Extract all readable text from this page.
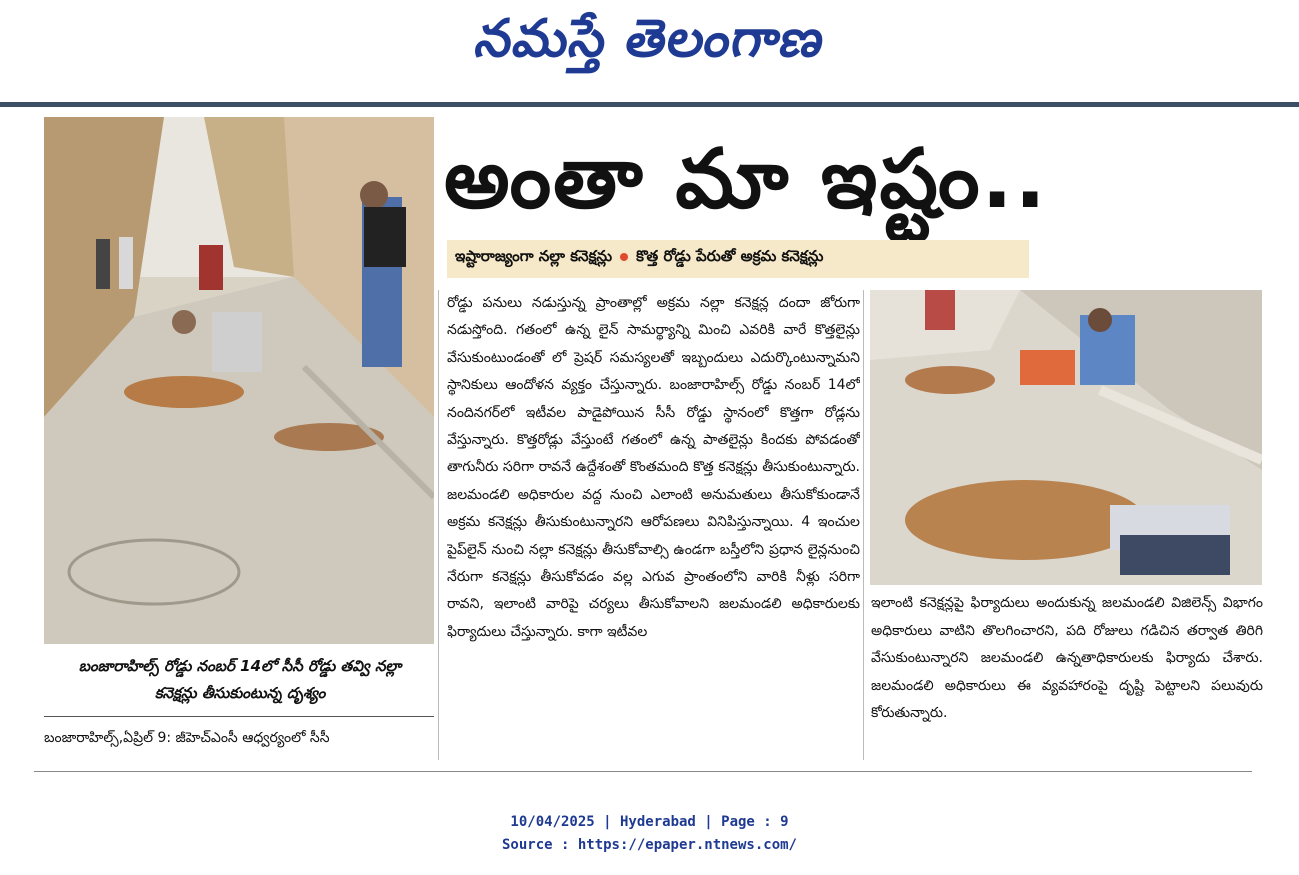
నమస్తే తెలంగాణ
బంజారాహిల్స్ రోడ్డు నంబర్ 14లో సీసీ రోడ్డు తవ్వి నల్లా కనెక్షన్లు తీసుకుంటున్న దృశ్యం
బంజారాహిల్స్,ఏప్రిల్ 9: జీహెచ్ఎంసీ ఆధ్వర్యంలో సీసీ
అంతా మా ఇష్టం..
ఇష్టారాజ్యంగా నల్లా కనెక్షన్లు కొత్త రోడ్డు పేరుతో అక్రమ కనెక్షన్లు
రోడ్డు పనులు నడుస్తున్న ప్రాంతాల్లో అక్రమ నల్లా కనెక్షన్ల దందా జోరుగా నడుస్తోంది. గతంలో ఉన్న లైన్ సామర్థ్యాన్ని మించి ఎవరికి వారే కొత్తలైన్లు వేసుకుంటుండంతో లో ప్రెషర్ సమస్యలతో ఇబ్బందులు ఎదుర్కొంటున్నామని స్థానికులు ఆందోళన వ్యక్తం చేస్తున్నారు. బంజారాహిల్స్ రోడ్డు నంబర్ 14లో నందినగర్‌లో ఇటీవల పాడైపోయిన సీసీ రోడ్డు స్థానంలో కొత్తగా రోడ్లను వేస్తున్నారు. కొత్తరోడ్లు వేస్తుంటే గతంలో ఉన్న పాతలైన్లు కిందకు పోవడంతో తాగునీరు సరిగా రావనే ఉద్దేశంతో కొంతమంది కొత్త కనెక్షన్లు తీసుకుంటున్నారు. జలమండలి అధికారుల వద్ద నుంచి ఎలాంటి అనుమతులు తీసుకోకుండానే అక్రమ కనెక్షన్లు తీసుకుంటున్నారని ఆరోపణలు వినిపిస్తున్నాయి. 4 ఇంచుల పైప్‌లైన్ నుంచి నల్లా కనెక్షన్లు తీసుకోవాల్సి ఉండగా బస్తీలోని ప్రధాన లైన్లనుంచి నేరుగా కనెక్షన్లు తీసుకోవడం వల్ల ఎగువ ప్రాంతంలోని వారికి నీళ్లు సరిగా రావని, ఇలాంటి వారిపై చర్యలు తీసుకోవాలని జలమండలి అధికారులకు ఫిర్యాదులు చేస్తున్నారు. కాగా ఇటీవల
ఇలాంటి కనెక్షన్లపై ఫిర్యాదులు అందుకున్న జలమండలి విజిలెన్స్ విభాగం అధికారులు వాటిని తొలగించారని, పది రోజులు గడిచిన తర్వాత తిరిగి వేసుకుంటున్నారని జలమండలి ఉన్నతాధికారులకు ఫిర్యాదు చేశారు. జలమండలి అధికారులు ఈ వ్యవహారంపై దృష్టి పెట్టాలని పలువురు కోరుతున్నారు.
10/04/2025 | Hyderabad | Page : 9
Source : https://epaper.ntnews.com/
